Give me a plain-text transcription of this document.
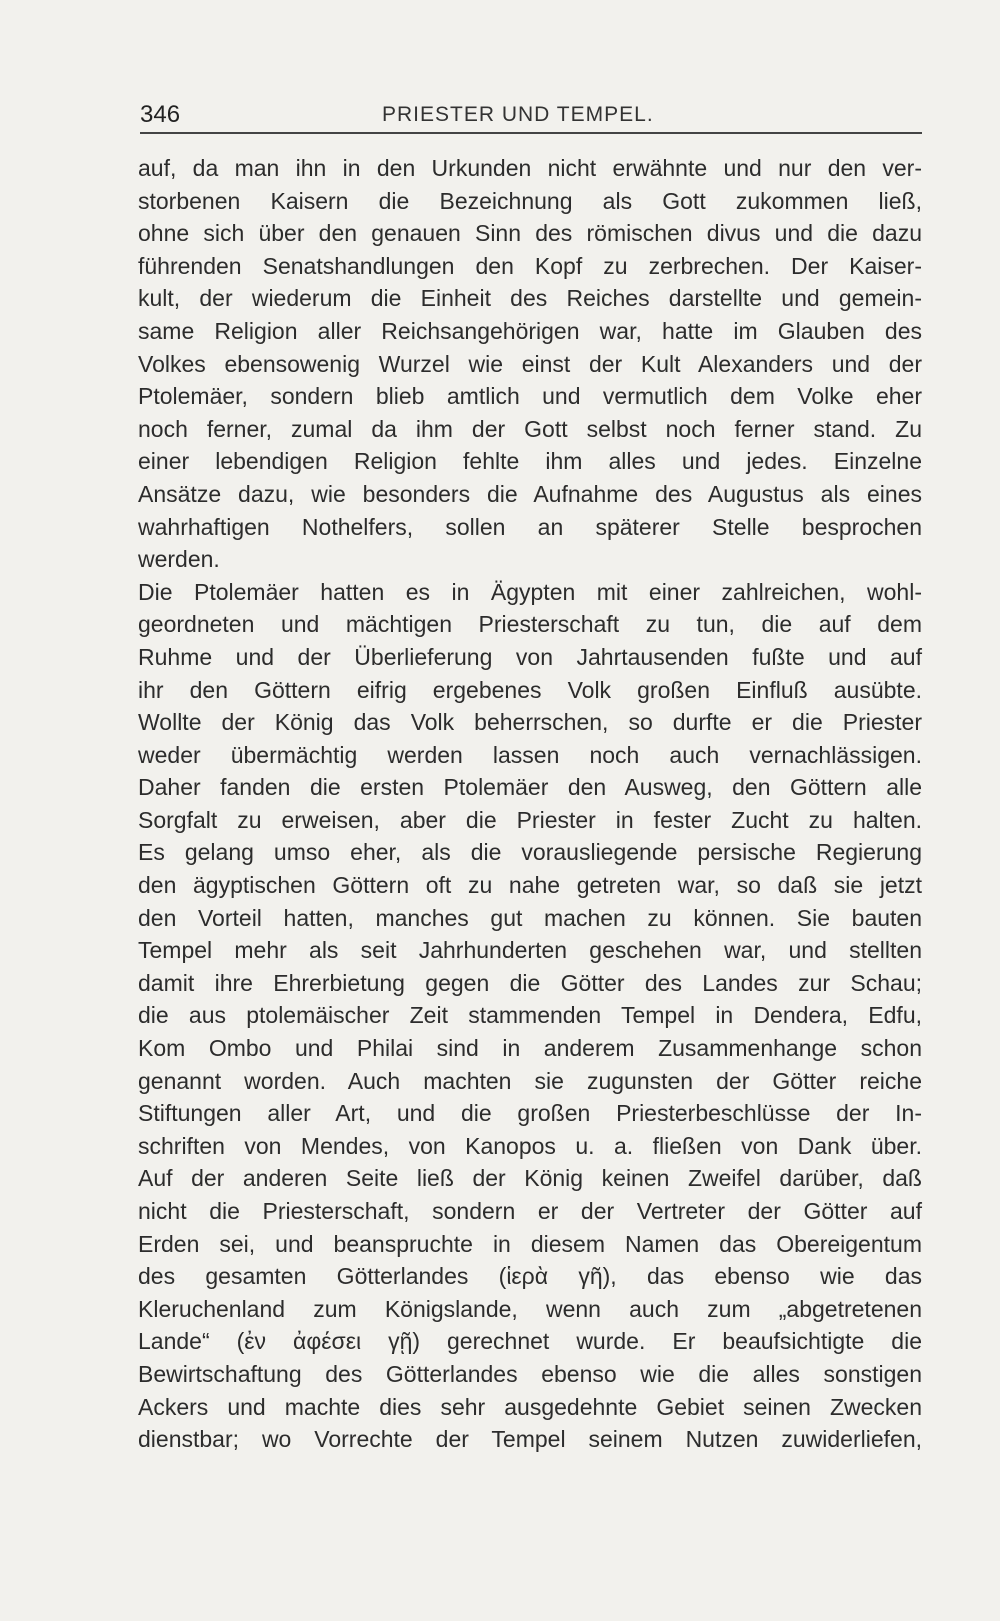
346	PRIESTER UND TEMPEL.
auf, da man ihn in den Urkunden nicht erwähnte und nur den ver-
storbenen Kaisern die Bezeichnung als Gott zukommen ließ,
ohne sich über den genauen Sinn des römischen divus und die dazu
führenden Senatshandlungen den Kopf zu zerbrechen. Der Kaiser-
kult, der wiederum die Einheit des Reiches darstellte und gemein-
same Religion aller Reichsangehörigen war, hatte im Glauben des
Volkes ebensowenig Wurzel wie einst der Kult Alexanders und der
Ptolemäer, sondern blieb amtlich und vermutlich dem Volke eher
noch ferner, zumal da ihm der Gott selbst noch ferner stand. Zu
einer lebendigen Religion fehlte ihm alles und jedes. Einzelne
Ansätze dazu, wie besonders die Aufnahme des Augustus als eines
wahrhaftigen Nothelfers, sollen an späterer Stelle besprochen
werden.
Die Ptolemäer hatten es in Ägypten mit einer zahlreichen, wohl-
geordneten und mächtigen Priesterschaft zu tun, die auf dem
Ruhme und der Überlieferung von Jahrtausenden fußte und auf
ihr den Göttern eifrig ergebenes Volk großen Einfluß ausübte.
Wollte der König das Volk beherrschen, so durfte er die Priester
weder übermächtig werden lassen noch auch vernachlässigen.
Daher fanden die ersten Ptolemäer den Ausweg, den Göttern alle
Sorgfalt zu erweisen, aber die Priester in fester Zucht zu halten.
Es gelang umso eher, als die vorausliegende persische Regierung
den ägyptischen Göttern oft zu nahe getreten war, so daß sie jetzt
den Vorteil hatten, manches gut machen zu können. Sie bauten
Tempel mehr als seit Jahrhunderten geschehen war, und stellten
damit ihre Ehrerbietung gegen die Götter des Landes zur Schau;
die aus ptolemäischer Zeit stammenden Tempel in Dendera, Edfu,
Kom Ombo und Philai sind in anderem Zusammenhange schon
genannt worden. Auch machten sie zugunsten der Götter reiche
Stiftungen aller Art, und die großen Priesterbeschlüsse der In-
schriften von Mendes, von Kanopos u. a. fließen von Dank über.
Auf der anderen Seite ließ der König keinen Zweifel darüber, daß
nicht die Priesterschaft, sondern er der Vertreter der Götter auf
Erden sei, und beanspruchte in diesem Namen das Obereigentum
des gesamten Götterlandes (ἱερὰ γῆ), das ebenso wie das
Kleruchenland zum Königslande, wenn auch zum „abgetretenen
Lande“ (ἐν ἀφέσει γῇ) gerechnet wurde. Er beaufsichtigte die
Bewirtschaftung des Götterlandes ebenso wie die alles sonstigen
Ackers und machte dies sehr ausgedehnte Gebiet seinen Zwecken
dienstbar; wo Vorrechte der Tempel seinem Nutzen zuwiderliefen,
